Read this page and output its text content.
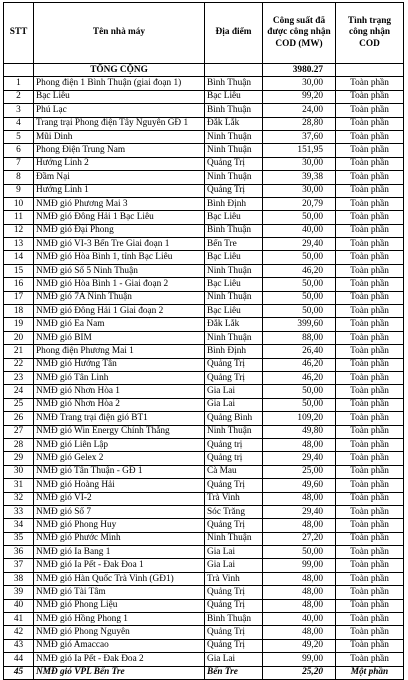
STT	Tên nhà máy	Địa điểm	Công suất đã được công nhận COD (MW)	Tình trạng công nhận COD
	TỔNG CỘNG		3980.27	
1	Phong điện 1 Bình Thuận (giai đoạn 1)	Bình Thuận	30,00	Toàn phần
2	Bạc Liêu	Bạc Liêu	99,20	Toàn phần
3	Phú Lạc	Bình Thuận	24,00	Toàn phần
4	Trang trại Phong điện Tây Nguyên GĐ 1	Đắk Lắk	28,80	Toàn phần
5	Mũi Dinh	Ninh Thuận	37,60	Toàn phần
6	Phong Điện Trung Nam	Ninh Thuận	151,95	Toàn phần
7	Hướng Linh 2	Quảng Trị	30,00	Toàn phần
8	Đầm Nại	Ninh Thuận	39,38	Toàn phần
9	Hướng Linh 1	Quảng Trị	30,00	Toàn phần
10	NMĐ gió Phương Mai 3	Bình Định	20,79	Toàn phần
11	NMĐ gió Đông Hải 1 Bạc Liêu	Bạc Liêu	50,00	Toàn phần
12	NMĐ gió Đại Phong	Bình Thuận	40,00	Toàn phần
13	NMĐ gió VI-3 Bến Tre Giai đoạn 1	Bến Tre	29,40	Toàn phần
14	NMĐ gió Hòa Bình 1, tỉnh Bạc Liêu	Bạc Liêu	50,00	Toàn phần
15	NMĐ gió Số 5 Ninh Thuận	Ninh Thuận	46,20	Toàn phần
16	NMĐ gió Hòa Bình 1 - Giai đoạn 2	Bạc Liêu	50,00	Toàn phần
17	NMĐ gió 7A Ninh Thuận	Ninh Thuận	50,00	Toàn phần
18	NMĐ gió Đông Hải 1 Giai đoạn 2	Bạc Liêu	50,00	Toàn phần
19	NMĐ gió Ea Nam	Đắk Lắk	399,60	Toàn phần
20	NMĐ gió BIM	Ninh Thuận	88,00	Toàn phần
21	Phong điện Phương Mai 1	Bình Định	26,40	Toàn phần
22	NMĐ gió Hướng Tân	Quảng Trị	46,20	Toàn phần
23	NMĐ gió Tân Linh	Quảng Trị	46,20	Toàn phần
24	NMĐ gió Nhơn Hòa 1	Gia Lai	50,00	Toàn phần
25	NMĐ gió Nhơn Hòa 2	Gia Lai	50,00	Toàn phần
26	NMĐ Trang trại điện gió BT1	Quảng Bình	109,20	Toàn phần
27	NMĐ gió Win Energy Chính Thắng	Ninh Thuận	49,80	Toàn phần
28	NMĐ gió Liên Lập	Quảng trị	48,00	Toàn phần
29	NMĐ gió Gelex 2	Quảng trị	29,40	Toàn phần
30	NMĐ gió Tân Thuận - GĐ 1	Cà Mau	25,00	Toàn phần
31	NMĐ gió Hoàng Hải	Quảng Trị	49,60	Toàn phần
32	NMĐ gió VI-2	Trà Vinh	48,00	Toàn phần
33	NMĐ gió Số 7	Sóc Trăng	29,40	Toàn phần
34	NMĐ gió Phong Huy	Quảng Trị	48,00	Toàn phần
35	NMĐ gió Phước Minh	Ninh Thuận	27,20	Toàn phần
36	NMĐ gió Ia Bang 1	Gia Lai	50,00	Toàn phần
37	NMĐ gió Ia Pết - Đak Đoa 1	Gia Lai	99,00	Toàn phần
38	NMĐ gió Hàn Quốc Trà Vinh (GĐ1)	Trà Vinh	48,00	Toàn phần
39	NMĐ gió Tài Tâm	Quảng Trị	48,00	Toàn phần
40	NMĐ gió Phong Liệu	Quảng Trị	48,00	Toàn phần
41	NMĐ gió Hồng Phong 1	Bình Thuận	40,00	Toàn phần
42	NMĐ gió Phong Nguyên	Quảng Trị	48,00	Toàn phần
43	NMĐ gió Amaccao	Quảng Trị	49,20	Toàn phần
44	NMĐ gió Ia Pết - Đak Đoa 2	Gia Lai	99,00	Toàn phần
45	NMĐ gió VPL Bến Tre	Bến Tre	25,20	Một phần
